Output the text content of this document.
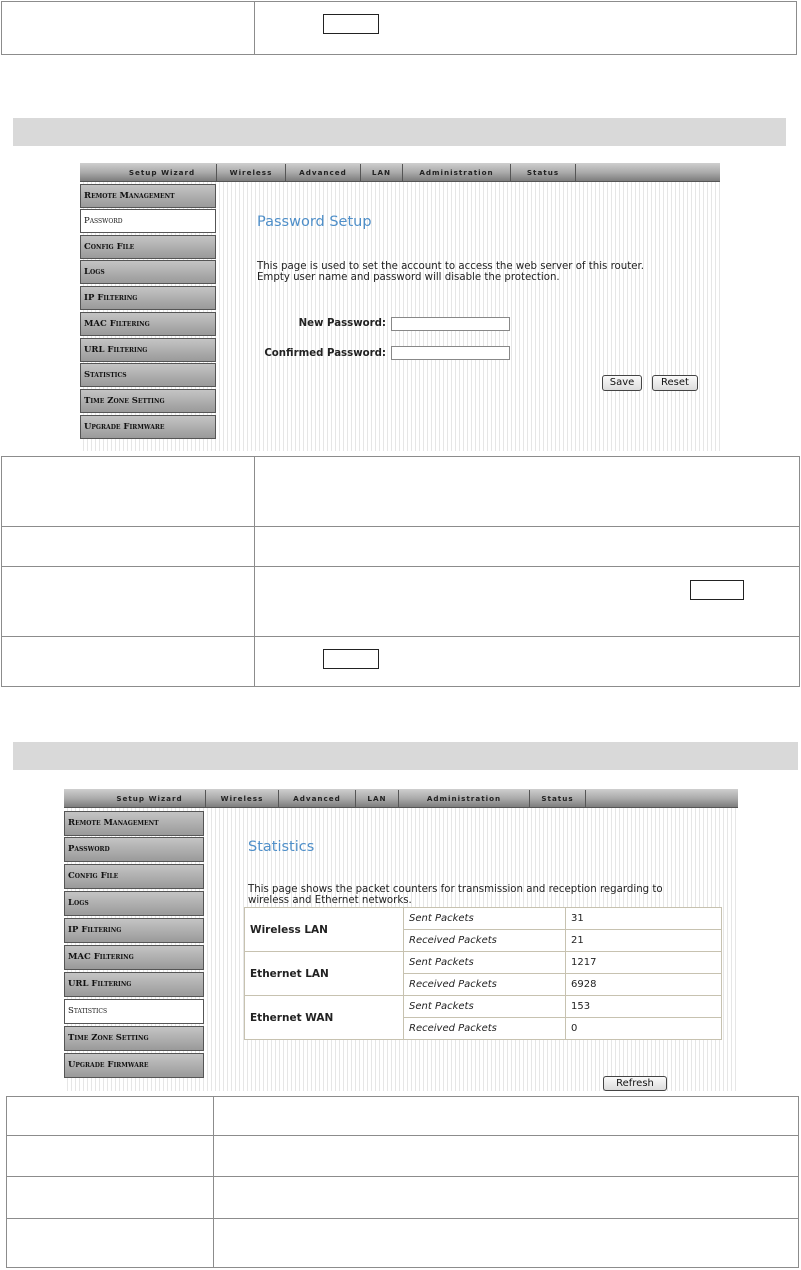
Setup Wizard	Wireless	Advanced	LAN	Administration	Status
Remote Management
Password
Config File
Logs
IP Filtering
MAC Filtering
URL Filtering
Statistics
Time Zone Setting
Upgrade Firmware
Password Setup
This page is used to set the account to access the web server of this router.
Empty user name and password will disable the protection.
New Password:
Confirmed Password:
Save	Reset

Setup Wizard	Wireless	Advanced	LAN	Administration	Status
Remote Management
Password
Config File
Logs
IP Filtering
MAC Filtering
URL Filtering
Statistics
Time Zone Setting
Upgrade Firmware
Statistics
This page shows the packet counters for transmission and reception regarding to
wireless and Ethernet networks.
Wireless LAN	Sent Packets	31
	Received Packets	21
Ethernet LAN	Sent Packets	1217
	Received Packets	6928
Ethernet WAN	Sent Packets	153
	Received Packets	0
Refresh
